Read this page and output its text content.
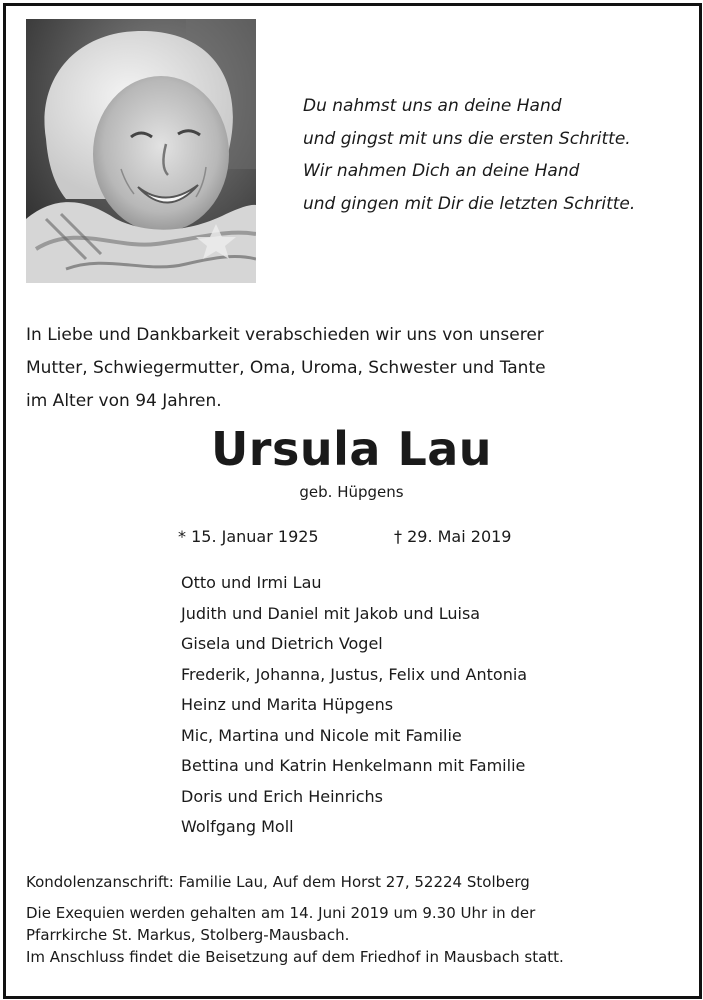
Du nahmst uns an deine Hand
und gingst mit uns die ersten Schritte.
Wir nahmen Dich an deine Hand
und gingen mit Dir die letzten Schritte.
In Liebe und Dankbarkeit verabschieden wir uns von unserer
Mutter, Schwiegermutter, Oma, Uroma, Schwester und Tante
im Alter von 94 Jahren.
Ursula Lau
geb. Hüpgens
* 15. Januar 1925	† 29. Mai 2019
Otto und Irmi Lau
Judith und Daniel mit Jakob und Luisa
Gisela und Dietrich Vogel
Frederik, Johanna, Justus, Felix und Antonia
Heinz und Marita Hüpgens
Mic, Martina und Nicole mit Familie
Bettina und Katrin Henkelmann mit Familie
Doris und Erich Heinrichs
Wolfgang Moll
Kondolenzanschrift: Familie Lau, Auf dem Horst 27, 52224 Stolberg
Die Exequien werden gehalten am 14. Juni 2019 um 9.30 Uhr in der
Pfarrkirche St. Markus, Stolberg-Mausbach.
Im Anschluss findet die Beisetzung auf dem Friedhof in Mausbach statt.
